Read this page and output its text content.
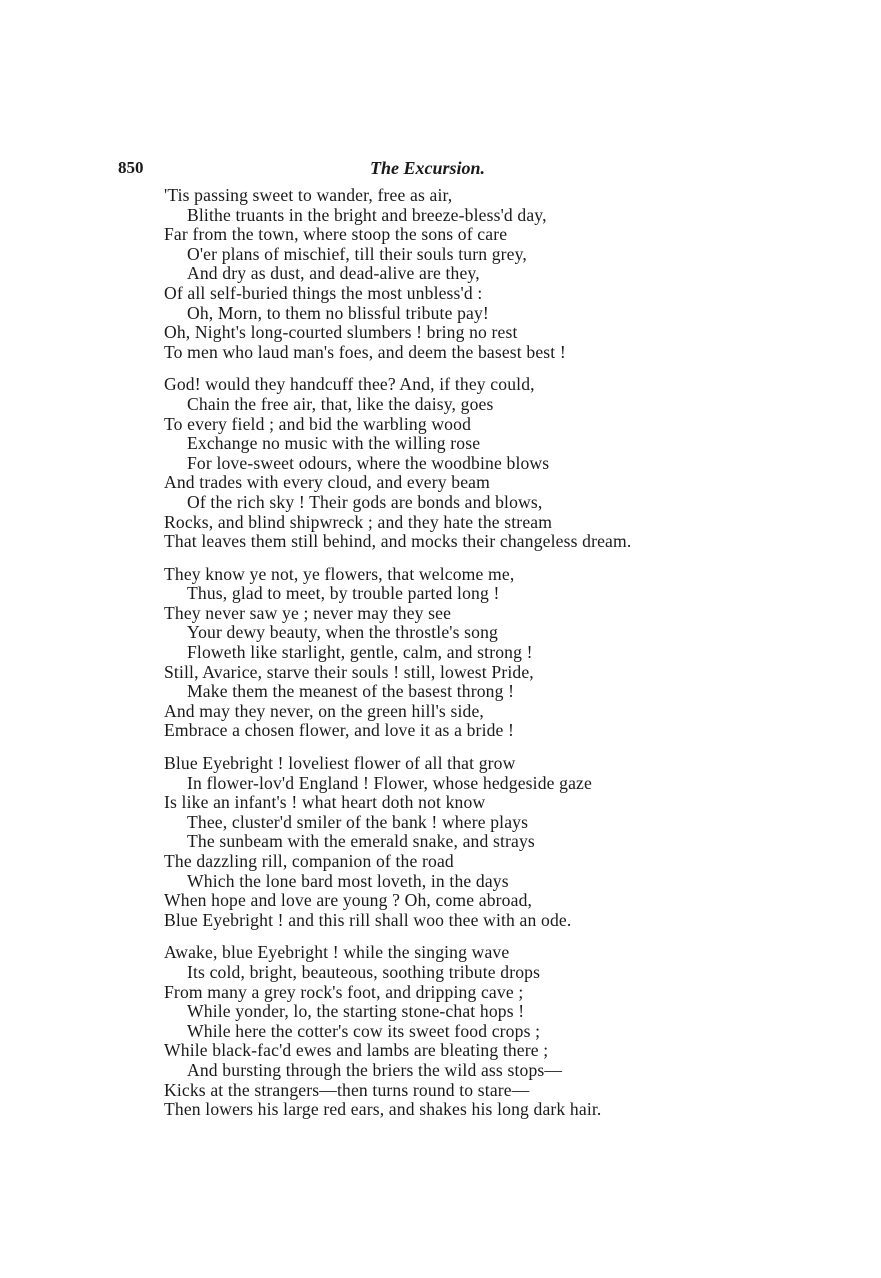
850	The Excursion.
'Tis passing sweet to wander, free as air,
Blithe truants in the bright and breeze-bless'd day,
Far from the town, where stoop the sons of care
O'er plans of mischief, till their souls turn grey,
And dry as dust, and dead-alive are they,
Of all self-buried things the most unbless'd :
Oh, Morn, to them no blissful tribute pay!
Oh, Night's long-courted slumbers ! bring no rest
To men who laud man's foes, and deem the basest best !
God! would they handcuff thee? And, if they could,
Chain the free air, that, like the daisy, goes
To every field ; and bid the warbling wood
Exchange no music with the willing rose
For love-sweet odours, where the woodbine blows
And trades with every cloud, and every beam
Of the rich sky ! Their gods are bonds and blows,
Rocks, and blind shipwreck ; and they hate the stream
That leaves them still behind, and mocks their changeless dream.
They know ye not, ye flowers, that welcome me,
Thus, glad to meet, by trouble parted long !
They never saw ye ; never may they see
Your dewy beauty, when the throstle's song
Floweth like starlight, gentle, calm, and strong !
Still, Avarice, starve their souls ! still, lowest Pride,
Make them the meanest of the basest throng !
And may they never, on the green hill's side,
Embrace a chosen flower, and love it as a bride !
Blue Eyebright ! loveliest flower of all that grow
In flower-lov'd England ! Flower, whose hedgeside gaze
Is like an infant's ! what heart doth not know
Thee, cluster'd smiler of the bank ! where plays
The sunbeam with the emerald snake, and strays
The dazzling rill, companion of the road
Which the lone bard most loveth, in the days
When hope and love are young ? Oh, come abroad,
Blue Eyebright ! and this rill shall woo thee with an ode.
Awake, blue Eyebright ! while the singing wave
Its cold, bright, beauteous, soothing tribute drops
From many a grey rock's foot, and dripping cave ;
While yonder, lo, the starting stone-chat hops !
While here the cotter's cow its sweet food crops ;
While black-fac'd ewes and lambs are bleating there ;
And bursting through the briers the wild ass stops—
Kicks at the strangers—then turns round to stare—
Then lowers his large red ears, and shakes his long dark hair.
